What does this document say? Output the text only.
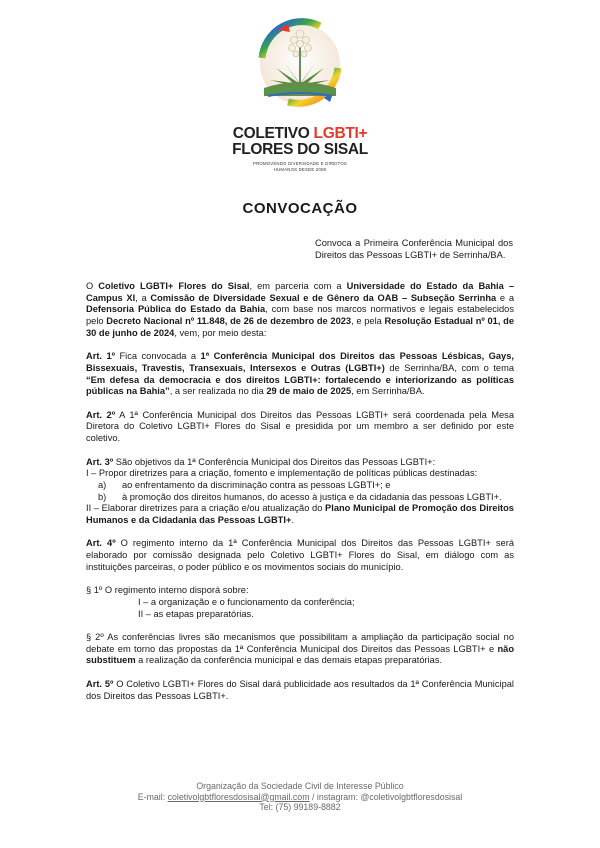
COLETIVO LGBTI+
FLORES DO SISAL
PROMOVENDO DIVERSIDADE E DIREITOS
HUMANOS DESDE 2008
CONVOCAÇÃO
Convoca a Primeira Conferência Municipal dos Direitos das Pessoas LGBTI+ de Serrinha/BA.

O Coletivo LGBTI+ Flores do Sisal, em parceria com a Universidade do Estado da Bahia – Campus XI, a Comissão de Diversidade Sexual e de Gênero da OAB – Subseção Serrinha e a Defensoria Pública do Estado da Bahia, com base nos marcos normativos e legais estabelecidos pelo Decreto Nacional nº 11.848, de 26 de dezembro de 2023, e pela Resolução Estadual nº 01, de 30 de junho de 2024, vem, por meio desta:

Art. 1º Fica convocada a 1ª Conferência Municipal dos Direitos das Pessoas Lésbicas, Gays, Bissexuais, Travestis, Transexuais, Intersexos e Outras (LGBTI+) de Serrinha/BA, com o tema “Em defesa da democracia e dos direitos LGBTI+: fortalecendo e interiorizando as políticas públicas na Bahia”, a ser realizada no dia 29 de maio de 2025, em Serrinha/BA.

Art. 2º A 1ª Conferência Municipal dos Direitos das Pessoas LGBTI+ será coordenada pela Mesa Diretora do Coletivo LGBTI+ Flores do Sisal e presidida por um membro a ser definido por este coletivo.

Art. 3º São objetivos da 1ª Conferência Municipal dos Direitos das Pessoas LGBTI+:

I – Propor diretrizes para a criação, fomento e implementação de políticas públicas destinadas:

a)	ao enfrentamento da discriminação contra as pessoas LGBTI+; e
b)	à promoção dos direitos humanos, do acesso à justiça e da cidadania das pessoas LGBTI+.

II – Elaborar diretrizes para a criação e/ou atualização do Plano Municipal de Promoção dos Direitos Humanos e da Cidadania das Pessoas LGBTI+.

Art. 4º O regimento interno da 1ª Conferência Municipal dos Direitos das Pessoas LGBTI+ será elaborado por comissão designada pelo Coletivo LGBTI+ Flores do Sisal, em diálogo com as instituições parceiras, o poder público e os movimentos sociais do município.

§ 1º O regimento interno disporá sobre:

I – a organização e o funcionamento da conferência;

II – as etapas preparatórias.

§ 2º As conferências livres são mecanismos que possibilitam a ampliação da participação social no debate em torno das propostas da 1ª Conferência Municipal dos Direitos das Pessoas LGBTI+ e não substituem a realização da conferência municipal e das demais etapas preparatórias.

Art. 5º O Coletivo LGBTI+ Flores do Sisal dará publicidade aos resultados da 1ª Conferência Municipal dos Direitos das Pessoas LGBTI+.

Organização da Sociedade Civil de Interesse Público
E-mail: coletivolgbtfloresdosisal@gmail.com / instagram: @coletivolgbtfloresdosisal
Tel: (75) 99189-8882
